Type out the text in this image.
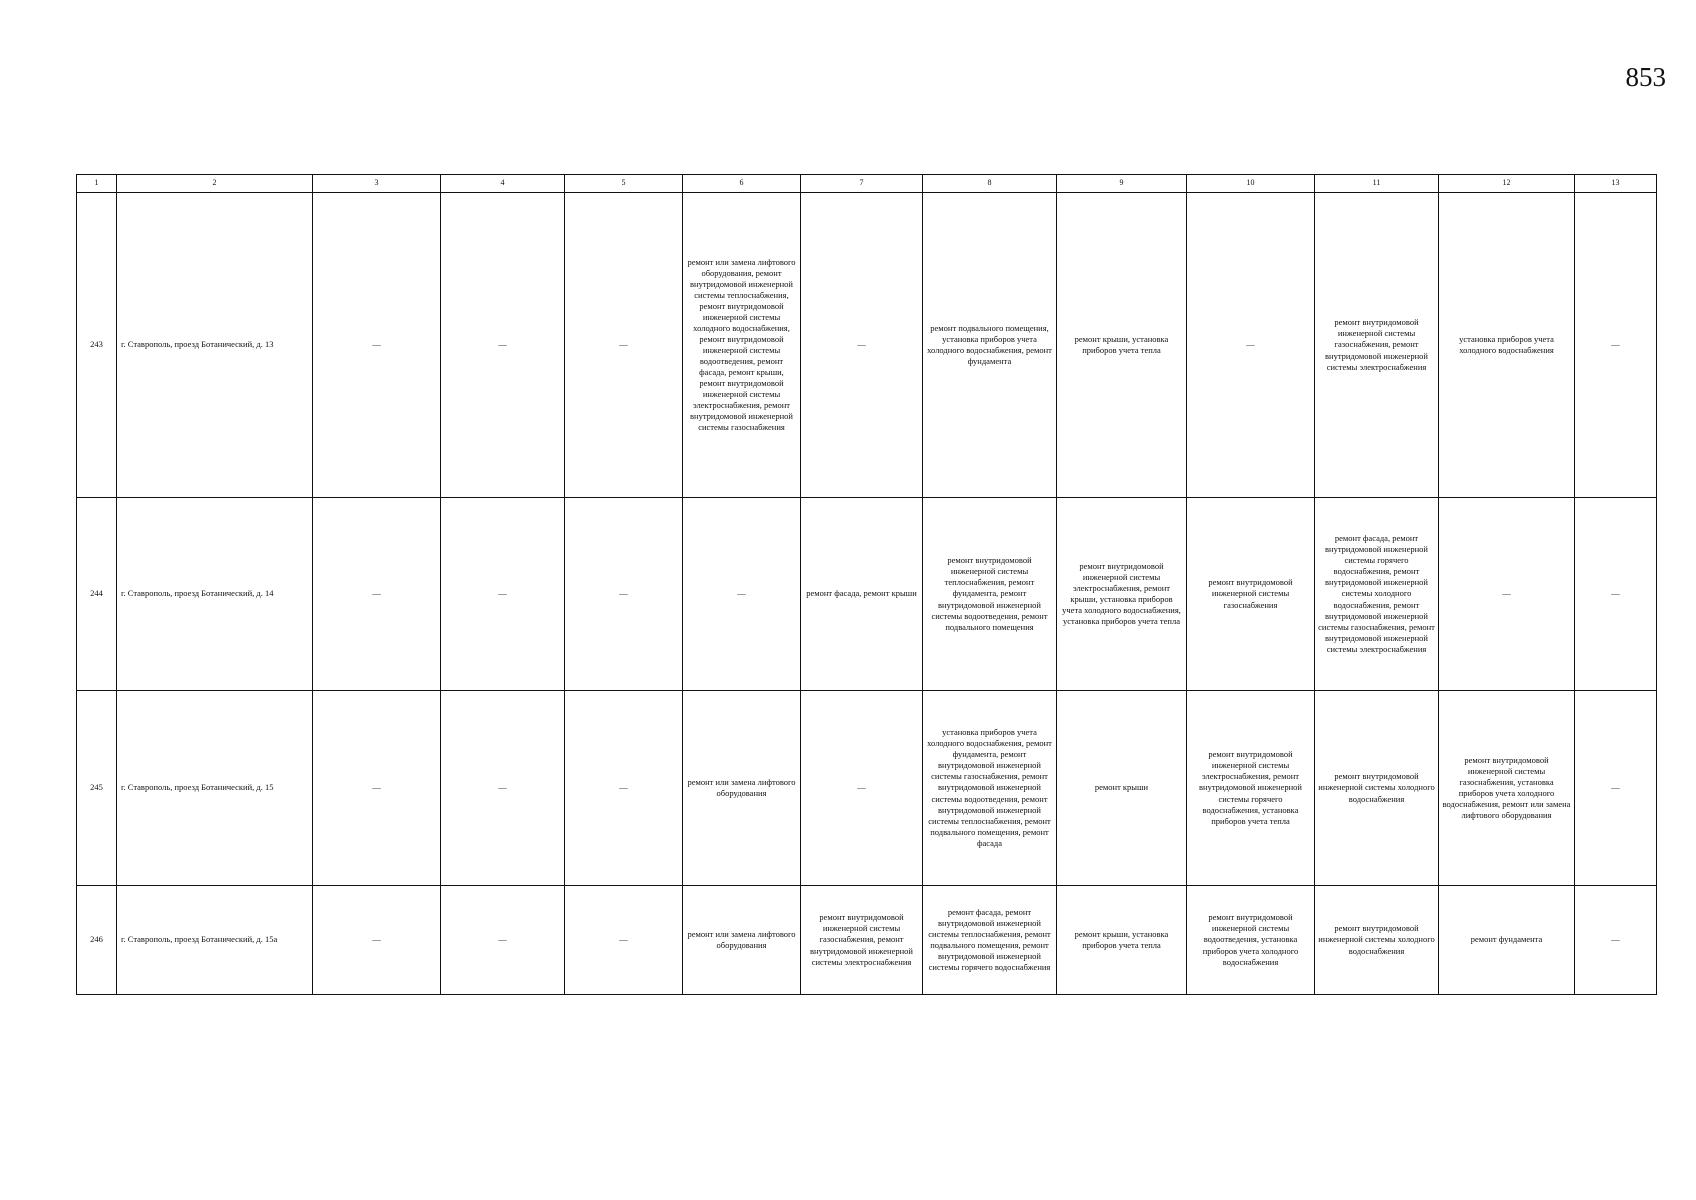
853
1	2	3	4	5	6	7	8	9	10	11	12	13
243	г. Ставрополь, проезд Ботанический, д. 13	—	—	—	ремонт или замена лифтового оборудования, ремонт внутридомовой инженерной системы теплоснабжения, ремонт внутридомовой инженерной системы холодного водоснабжения, ремонт внутридомовой инженерной системы водоотведения, ремонт фасада, ремонт крыши, ремонт внутридомовой инженерной системы электроснабжения, ремонт внутридомовой инженерной системы газоснабжения	—	ремонт подвального помещения, установка приборов учета холодного водоснабжения, ремонт фундамента	ремонт крыши, установка приборов учета тепла	—	ремонт внутридомовой инженерной системы газоснабжения, ремонт внутридомовой инженерной системы электроснабжения	установка приборов учета холодного водоснабжения	—
244	г. Ставрополь, проезд Ботанический, д. 14	—	—	—	—	ремонт фасада, ремонт крыши	ремонт внутридомовой инженерной системы теплоснабжения, ремонт фундамента, ремонт внутридомовой инженерной системы водоотведения, ремонт подвального помещения	ремонт внутридомовой инженерной системы электроснабжения, ремонт крыши, установка приборов учета холодного водоснабжения, установка приборов учета тепла	ремонт внутридомовой инженерной системы газоснабжения	ремонт фасада, ремонт внутридомовой инженерной системы горячего водоснабжения, ремонт внутридомовой инженерной системы холодного водоснабжения, ремонт внутридомовой инженерной системы газоснабжения, ремонт внутридомовой инженерной системы электроснабжения	—	—
245	г. Ставрополь, проезд Ботанический, д. 15	—	—	—	ремонт или замена лифтового оборудования	—	установка приборов учета холодного водоснабжения, ремонт фундамента, ремонт внутридомовой инженерной системы газоснабжения, ремонт внутридомовой инженерной системы водоотведения, ремонт внутридомовой инженерной системы теплоснабжения, ремонт подвального помещения, ремонт фасада	ремонт крыши	ремонт внутридомовой инженерной системы электроснабжения, ремонт внутридомовой инженерной системы горячего водоснабжения, установка приборов учета тепла	ремонт внутридомовой инженерной системы холодного водоснабжения	ремонт внутридомовой инженерной системы газоснабжения, установка приборов учета холодного водоснабжения, ремонт или замена лифтового оборудования	—
246	г. Ставрополь, проезд Ботанический, д. 15а	—	—	—	ремонт или замена лифтового оборудования	ремонт внутридомовой инженерной системы газоснабжения, ремонт внутридомовой инженерной системы электроснабжения	ремонт фасада, ремонт внутридомовой инженерной системы теплоснабжения, ремонт подвального помещения, ремонт внутридомовой инженерной системы горячего водоснабжения	ремонт крыши, установка приборов учета тепла	ремонт внутридомовой инженерной системы водоотведения, установка приборов учета холодного водоснабжения	ремонт внутридомовой инженерной системы холодного водоснабжения	ремонт фундамента	—
